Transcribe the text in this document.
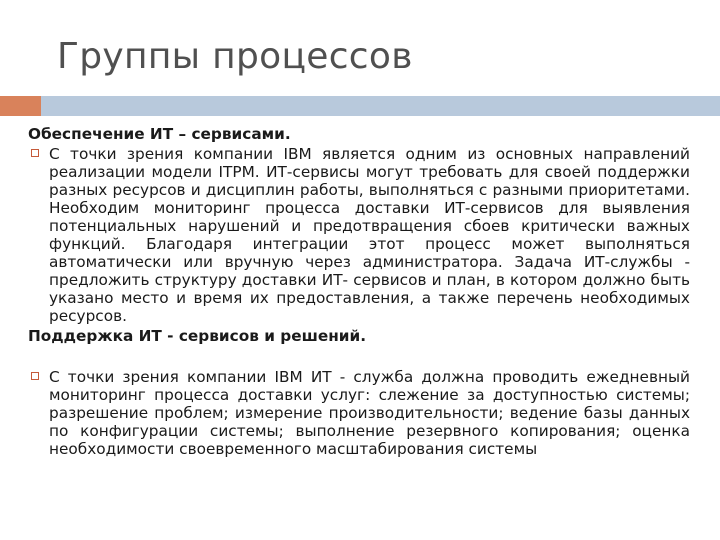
Группы процессов

Обеспечение ИТ – сервисами.

С точки зрения компании IBM является одним из основных направлений реализации модели ITPM. ИТ-сервисы могут требовать для своей поддержки разных ресурсов и дисциплин работы, выполняться с разными приоритетами. Необходим мониторинг процесса доставки ИТ-сервисов для выявления потенциальных нарушений и предотвращения сбоев критически важных функций. Благодаря интеграции этот процесс может выполняться автоматически или вручную через администратора. Задача ИТ-службы - предложить структуру доставки ИТ- сервисов и план, в котором должно быть указано место и время их предоставления, а также перечень необходимых ресурсов.

Поддержка ИТ - сервисов и решений.

С точки зрения компании IBM ИТ - служба должна проводить ежедневный мониторинг процесса доставки услуг: слежение за доступностью системы; разрешение проблем; измерение производительности; ведение базы данных по конфигурации системы; выполнение резервного копирования; оценка необходимости своевременного масштабирования системы
